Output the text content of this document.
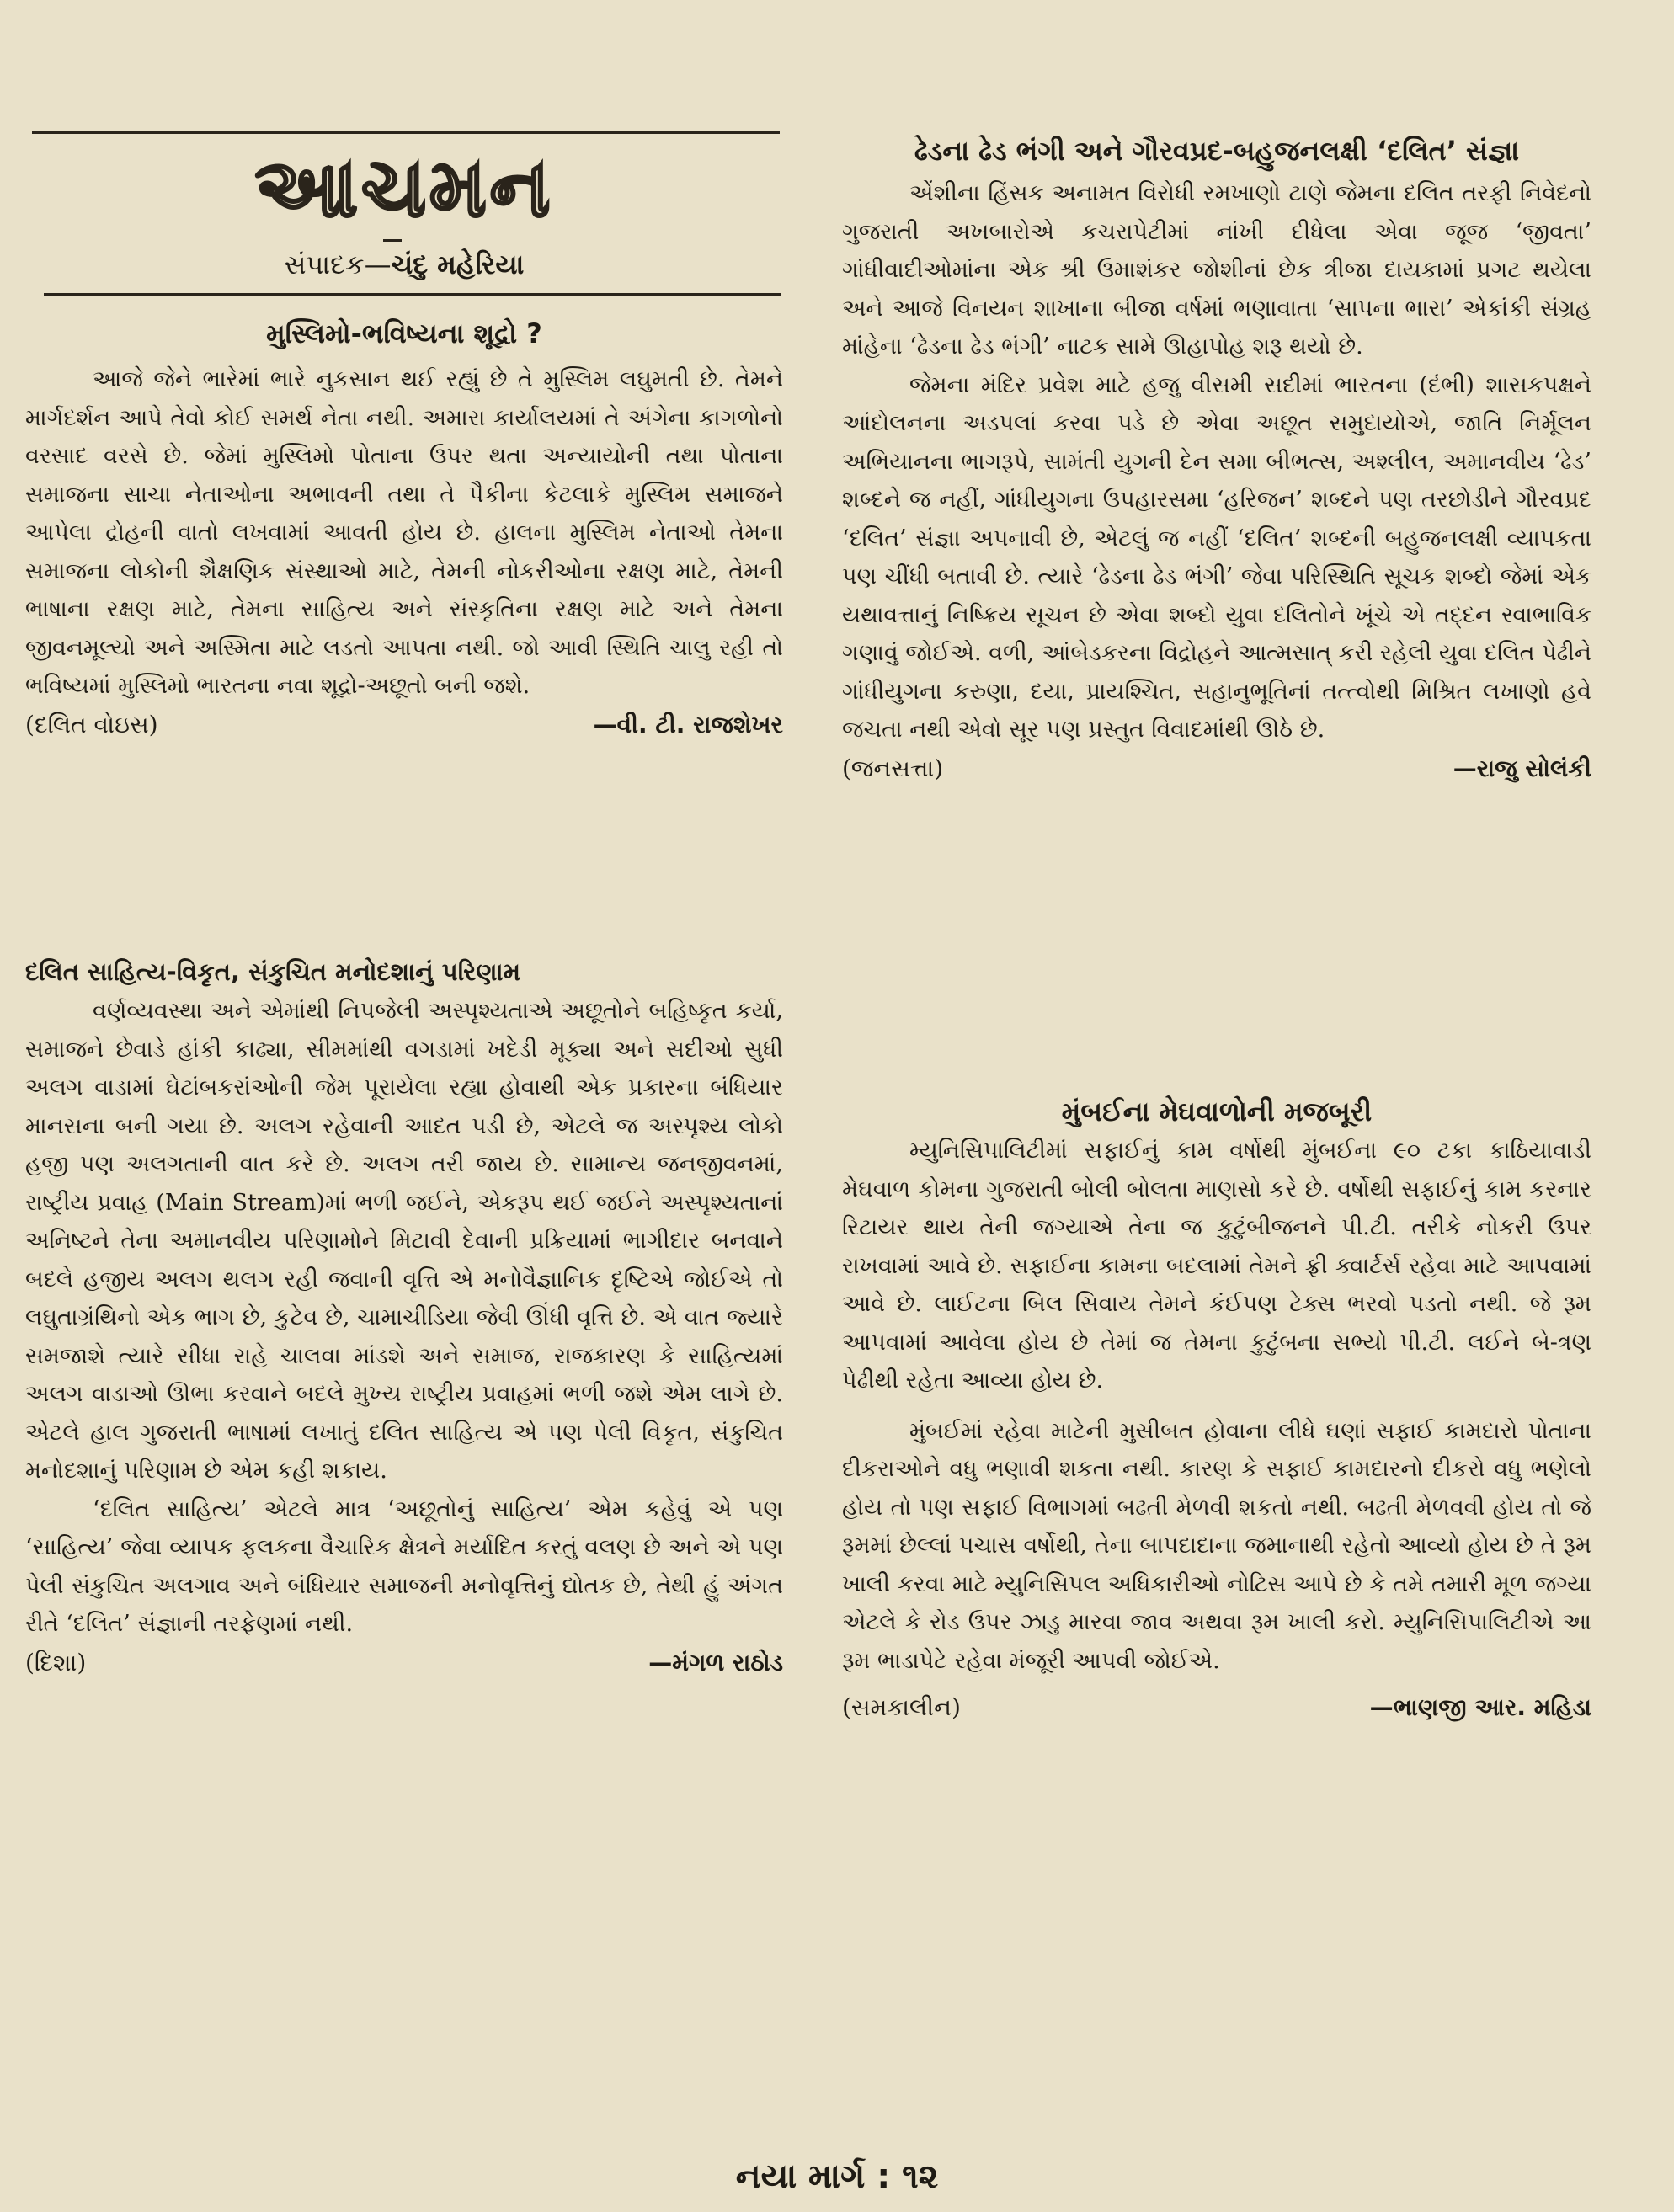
આચમન
સંપાદક—ચંદુ મહેરિયા
મુસ્લિમો-ભવિષ્યના શૂદ્રો ?

આજે જેને ભારેમાં ભારે નુકસાન થઈ રહ્યું છે તે મુસ્લિમ લઘુમતી છે. તેમને માર્ગદર્શન આપે તેવો કોઈ સમર્થ નેતા નથી. અમારા કાર્યાલયમાં તે અંગેના કાગળોનો વરસાદ વરસે છે. જેમાં મુસ્લિમો પોતાના ઉપર થતા અન્યાયોની તથા પોતાના સમાજના સાચા નેતાઓના અભાવની તથા તે પૈકીના કેટલાકે મુસ્લિમ સમાજને આપેલા દ્રોહની વાતો લખવામાં આવતી હોય છે. હાલના મુસ્લિમ નેતાઓ તેમના સમાજના લોકોની શૈક્ષણિક સંસ્થાઓ માટે, તેમની નોકરીઓના રક્ષણ માટે, તેમની ભાષાના રક્ષણ માટે, તેમના સાહિત્ય અને સંસ્કૃતિના રક્ષણ માટે અને તેમના જીવનમૂલ્યો અને અસ્મિતા માટે લડતો આપતા નથી. જો આવી સ્થિતિ ચાલુ રહી તો ભવિષ્યમાં મુસ્લિમો ભારતના નવા શૂદ્રો-અછૂતો બની જશે.

(દલિત વોઇસ)	—વી. ટી. રાજશેખર
દલિત સાહિત્ય-વિકૃત, સંકુચિત મનોદશાનું પરિણામ

વર્ણવ્યવસ્થા અને એમાંથી નિપજેલી અસ્પૃશ્યતાએ અછૂતોને બહિષ્કૃત કર્યા, સમાજને છેવાડે હાંકી કાઢ્યા, સીમમાંથી વગડામાં ખદેડી મૂક્યા અને સદીઓ સુધી અલગ વાડામાં ઘેટાંબકરાંઓની જેમ પૂરાયેલા રહ્યા હોવાથી એક પ્રકારના બંધિયાર માનસના બની ગયા છે. અલગ રહેવાની આદત પડી છે, એટલે જ અસ્પૃશ્ય લોકો હજી પણ અલગતાની વાત કરે છે. અલગ તરી જાય છે. સામાન્ય જનજીવનમાં, રાષ્ટ્રીય પ્રવાહ (Main Stream)માં ભળી જઈને, એકરૂપ થઈ જઈને અસ્પૃશ્યતાનાં અનિષ્ટને તેના અમાનવીય પરિણામોને મિટાવી દેવાની પ્રક્રિયામાં ભાગીદાર બનવાને બદલે હજીય અલગ થલગ રહી જવાની વૃત્તિ એ મનોવૈજ્ઞાનિક દૃષ્ટિએ જોઈએ તો લઘુતાગ્રંથિનો એક ભાગ છે, કુટેવ છે, ચામાચીડિયા જેવી ઊંધી વૃત્તિ છે. એ વાત જ્યારે સમજાશે ત્યારે સીધા રાહે ચાલવા માંડશે અને સમાજ, રાજકારણ કે સાહિત્યમાં અલગ વાડાઓ ઊભા કરવાને બદલે મુખ્ય રાષ્ટ્રીય પ્રવાહમાં ભળી જશે એમ લાગે છે. એટલે હાલ ગુજરાતી ભાષામાં લખાતું દલિત સાહિત્ય એ પણ પેલી વિકૃત, સંકુચિત મનોદશાનું પરિણામ છે એમ કહી શકાય.

‘દલિત સાહિત્ય’ એટલે માત્ર ‘અછૂતોનું સાહિત્ય’ એમ કહેવું એ પણ ‘સાહિત્ય’ જેવા વ્યાપક ફલકના વૈચારિક ક્ષેત્રને મર્યાદિત કરતું વલણ છે અને એ પણ પેલી સંકુચિત અલગાવ અને બંધિયાર સમાજની મનોવૃત્તિનું દ્યોતક છે, તેથી હું અંગત રીતે ‘દલિત’ સંજ્ઞાની તરફેણમાં નથી.

(દિશા)	—મંગળ રાઠોડ
ઢેડના ઢેડ ભંગી અને ગૌરવપ્રદ-બહુજનલક્ષી ‘દલિત’ સંજ્ઞા

એંશીના હિંસક અનામત વિરોધી રમખાણો ટાણે જેમના દલિત તરફી નિવેદનો ગુજરાતી અખબારોએ કચરાપેટીમાં નાંખી દીધેલા એવા જૂજ ‘જીવતા’ ગાંધીવાદીઓમાંના એક શ્રી ઉમાશંકર જોશીનાં છેક ત્રીજા દાયકામાં પ્રગટ થયેલા અને આજે વિનયન શાખાના બીજા વર્ષમાં ભણાવાતા ‘સાપના ભારા’ એકાંકી સંગ્રહ માંહેના ‘ઢેડના ઢેડ ભંગી’ નાટક સામે ઊહાપોહ શરૂ થયો છે.

જેમના મંદિર પ્રવેશ માટે હજુ વીસમી સદીમાં ભારતના (દંભી) શાસકપક્ષને આંદોલનના અડપલાં કરવા પડે છે એવા અછૂત સમુદાયોએ, જાતિ નિર્મૂલન અભિયાનના ભાગરૂપે, સામંતી યુગની દેન સમા બીભત્સ, અશ્લીલ, અમાનવીય ‘ઢેડ’ શબ્દને જ નહીં, ગાંધીયુગના ઉપહારસમા ‘હરિજન’ શબ્દને પણ તરછોડીને ગૌરવપ્રદ ‘દલિત’ સંજ્ઞા અપનાવી છે, એટલું જ નહીં ‘દલિત’ શબ્દની બહુજનલક્ષી વ્યાપકતા પણ ચીંધી બતાવી છે. ત્યારે ‘ઢેડના ઢેડ ભંગી’ જેવા પરિસ્થિતિ સૂચક શબ્દો જેમાં એક યથાવત્તાનું નિષ્ક્રિય સૂચન છે એવા શબ્દો યુવા દલિતોને ખૂંચે એ તદ્દન સ્વાભાવિક ગણાવું જોઈએ. વળી, આંબેડકરના વિદ્રોહને આત્મસાત્ કરી રહેલી યુવા દલિત પેઢીને ગાંધીયુગના કરુણા, દયા, પ્રાયશ્ચિત, સહાનુભૂતિનાં તત્ત્વોથી મિશ્રિત લખાણો હવે જચતા નથી એવો સૂર પણ પ્રસ્તુત વિવાદમાંથી ઊઠે છે.

(જનસત્તા)	—રાજુ સોલંકી
મુંબઈના મેઘવાળોની મજબૂરી

મ્યુનિસિપાલિટીમાં સફાઈનું કામ વર્ષોથી મુંબઈના ૯૦ ટકા કાઠિયાવાડી મેઘવાળ કોમના ગુજરાતી બોલી બોલતા માણસો કરે છે. વર્ષોથી સફાઈનું કામ કરનાર રિટાયર થાય તેની જગ્યાએ તેના જ કુટુંબીજનને પી.ટી. તરીકે નોકરી ઉપર રાખવામાં આવે છે. સફાઈના કામના બદલામાં તેમને ફ્રી ક્વાર્ટર્સ રહેવા માટે આપવામાં આવે છે. લાઈટના બિલ સિવાય તેમને કંઈપણ ટેક્સ ભરવો પડતો નથી. જે રૂમ આપવામાં આવેલા હોય છે તેમાં જ તેમના કુટુંબના સભ્યો પી.ટી. લઈને બે-ત્રણ પેઢીથી રહેતા આવ્યા હોય છે.

મુંબઈમાં રહેવા માટેની મુસીબત હોવાના લીધે ઘણાં સફાઈ કામદારો પોતાના દીકરાઓને વધુ ભણાવી શકતા નથી. કારણ કે સફાઈ કામદારનો દીકરો વધુ ભણેલો હોય તો પણ સફાઈ વિભાગમાં બઢતી મેળવી શકતો નથી. બઢતી મેળવવી હોય તો જે રૂમમાં છેલ્લાં પચાસ વર્ષોથી, તેના બાપદાદાના જમાનાથી રહેતો આવ્યો હોય છે તે રૂમ ખાલી કરવા માટે મ્યુનિસિપલ અધિકારીઓ નોટિસ આપે છે કે તમે તમારી મૂળ જગ્યા એટલે કે રોડ ઉપર ઝાડુ મારવા જાવ અથવા રૂમ ખાલી કરો. મ્યુનિસિપાલિટીએ આ રૂમ ભાડાપેટે રહેવા મંજૂરી આપવી જોઈએ.

(સમકાલીન)	—ભાણજી આર. મહિડા
નયા માર્ગ : ૧૨
